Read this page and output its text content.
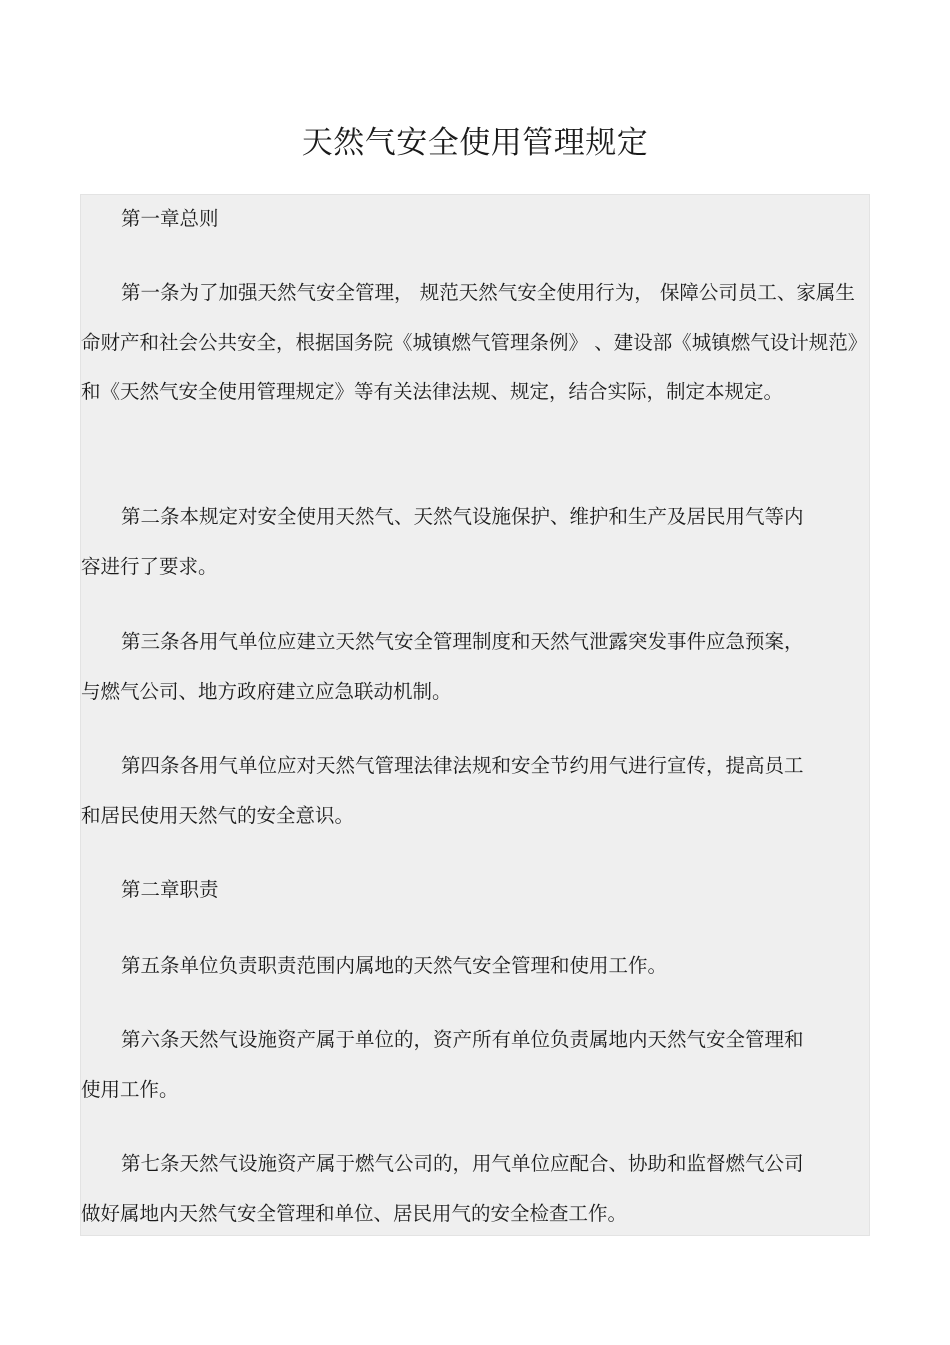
天然气安全使用管理规定

第一章总则

第一条为了加强天然气安全管理， 规范天然气安全使用行为， 保障公司员工、家属生命财产和社会公共安全，根据国务院《城镇燃气管理条例》 、建设部《城镇燃气设计规范》和《天然气安全使用管理规定》等有关法律法规、规定，结合实际，制定本规定。

第二条本规定对安全使用天然气、天然气设施保护、维护和生产及居民用气等内容进行了要求。

第三条各用气单位应建立天然气安全管理制度和天然气泄露突发事件应急预案，与燃气公司、地方政府建立应急联动机制。

第四条各用气单位应对天然气管理法律法规和安全节约用气进行宣传，提高员工和居民使用天然气的安全意识。

第二章职责

第五条单位负责职责范围内属地的天然气安全管理和使用工作。

第六条天然气设施资产属于单位的，资产所有单位负责属地内天然气安全管理和使用工作。

第七条天然气设施资产属于燃气公司的，用气单位应配合、协助和监督燃气公司做好属地内天然气安全管理和单位、居民用气的安全检查工作。
